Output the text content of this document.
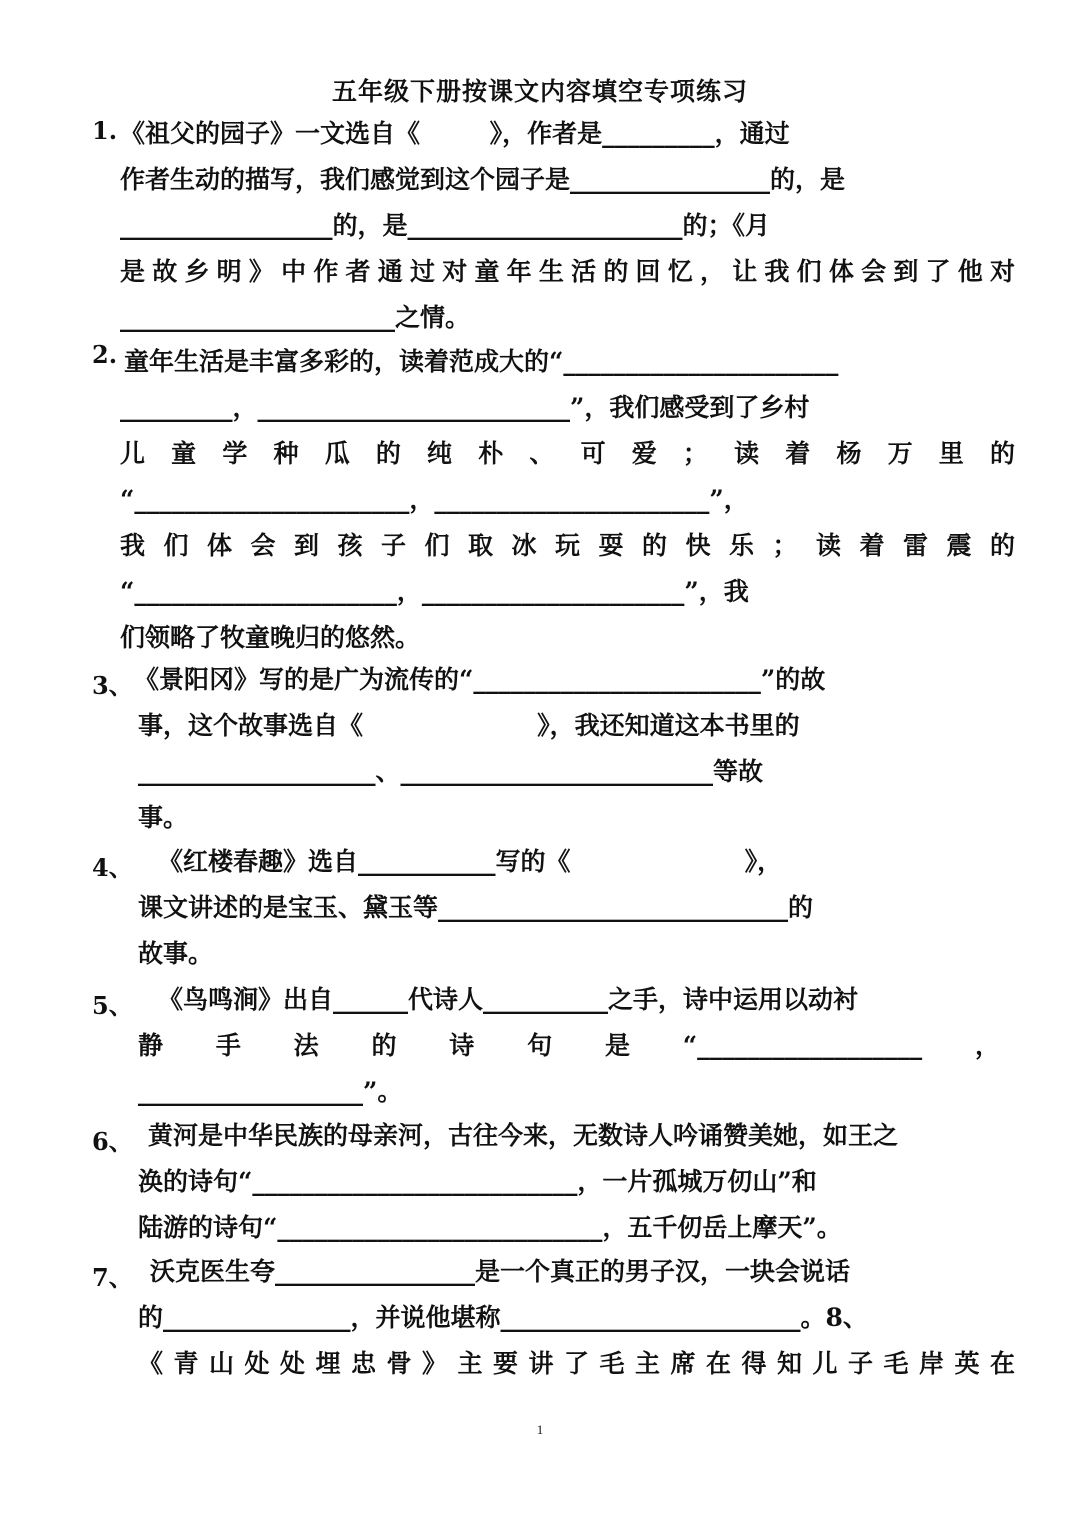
五年级下册按课文内容填空专项练习
1. 《祖父的园子》一文选自《        》，作者是_________，通过
作者生动的描写，我们感觉到这个园子是________________的，是
_________________的，是______________________的；《月
是故乡明》中作者通过对童年生活的回忆，让我们体会到了他对
______________________之情。
2. 童年生活是丰富多彩的，读着范成大的“______________________
_________，_________________________”，我们感受到了乡村
儿童学种瓜的纯朴、可爱；读着杨万里的
“______________________，______________________”，
我们体会到孩子们取冰玩耍的快乐；读着雷震的
“_____________________，_____________________”，我
们领略了牧童晚归的悠然。
3、 《景阳冈》写的是广为流传的“_______________________”的故
事，这个故事选自《                    》，我还知道这本书里的
___________________、_________________________等故
事。
4、 《红楼春趣》选自___________写的《                    》，
课文讲述的是宝玉、黛玉等____________________________的
故事。
5、 《鸟鸣涧》出自______代诗人__________之手，诗中运用以动衬
静手法的诗句是“__________________，
__________________”。
6、 黄河是中华民族的母亲河，古往今来，无数诗人吟诵赞美她，如王之
涣的诗句“__________________________，一片孤城万仞山”和
陆游的诗句“__________________________，五千仞岳上摩天”。
7、 沃克医生夸________________是一个真正的男子汉，一块会说话
的_______________，并说他堪称________________________。8、
《青山处处埋忠骨》主要讲了毛主席在得知儿子毛岸英在
1
